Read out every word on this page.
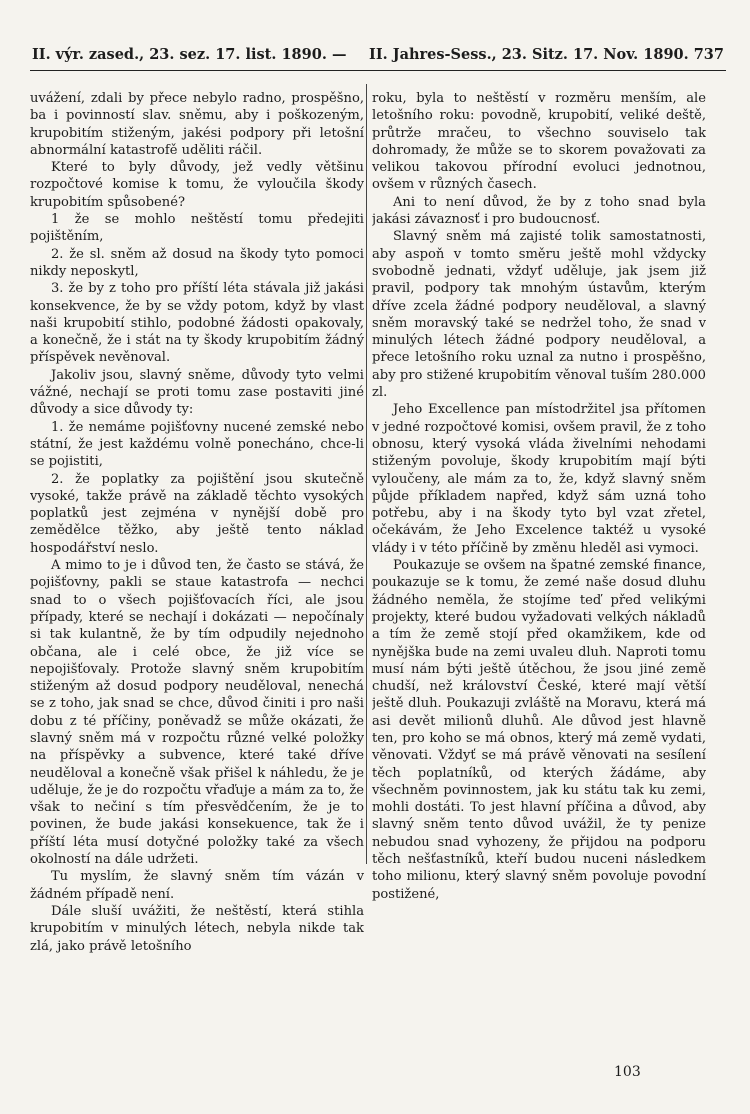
II. výr. zased., 23. sez. 17. list. 1890. — II. Jahres-Sess., 23. Sitz. 17. Nov. 1890. 737

uvážení, zdali by přece nebylo radno, prospěšno, ba i povinností slav. sněmu, aby i poškozeným, krupobitím stiženým, jakési podpory při letošní abnormální katastrofě uděliti ráčil.

Které to byly důvody, jež vedly většinu rozpočtové komise k tomu, že vyloučila škody krupobitím spůsobené?

1 že se mohlo neštěstí tomu předejiti pojištěním,

2. že sl. sněm až dosud na škody tyto pomoci nikdy neposkytl,

3. že by z toho pro příští léta stávala již jakási konsekvence, že by se vždy potom, když by vlast naši krupobití stihlo, podobné žádosti opakovaly, a konečně, že i stát na ty škody krupobitím žádný příspěvek nevěnoval.

Jakoliv jsou, slavný sněme, důvody tyto velmi vážné, nechají se proti tomu zase postaviti jiné důvody a sice důvody ty:

1. že nemáme pojišťovny nucené zemské nebo státní, že jest každému volně ponecháno, chce-li se pojistiti,

2. že poplatky za pojištění jsou skutečně vysoké, takže právě na základě těchto vysokých poplatků jest zejména v nynější době pro zemědělce těžko, aby ještě tento náklad hospodářství neslo.

A mimo to je i důvod ten, že často se stává, že pojišťovny, pakli se staue katastrofa — nechci snad to o všech pojišťovacích říci, ale jsou případy, které se nechají i dokázati — nepočínaly si tak kulantně, že by tím odpudily nejednoho občana, ale i celé obce, že již více se nepojišťovaly. Protože slavný sněm krupobitím stiženým až dosud podpory neuděloval, nenechá se z toho, jak snad se chce, důvod činiti i pro naši dobu z té příčiny, poněvadž se může okázati, že slavný sněm má v rozpočtu různé velké položky na příspěvky a subvence, které také dříve neuděloval a konečně však přišel k náhledu, že je uděluje, že je do rozpočtu vřaďuje a mám za to, že však to nečiní s tím přesvědčením, že je to povinen, že bude jakási konsekuence, tak že i příští léta musí dotyčné položky také za všech okolností na dále udržeti.

Tu myslím, že slavný sněm tím vázán v žádném případě není.

Dále sluší uvážiti, že neštěstí, která stihla krupobitím v minulých létech, nebyla nikde tak zlá, jako právě letošního

roku, byla to neštěstí v rozměru menším, ale letošního roku: povodně, krupobití, veliké deště, průtrže mračeu, to všechno souviselo tak dohromady, že může se to skorem považovati za velikou takovou přírodní evoluci jednotnou, ovšem v různých časech.

Ani to není důvod, že by z toho snad byla jakási závaznosť i pro budoucnosť.

Slavný sněm má zajisté tolik samostatnosti, aby aspoň v tomto směru ještě mohl vždycky svobodně jednati, vždyť uděluje, jak jsem již pravil, podpory tak mnohým ústavům, kterým dříve zcela žádné podpory neuděloval, a slavný sněm moravský také se nedržel toho, že snad v minulých létech žádné podpory neuděloval, a přece letošního roku uznal za nutno i prospěšno, aby pro stižené krupobitím věnoval tuším 280.000 zl.

Jeho Excellence pan místodržitel jsa přítomen v jedné rozpočtové komisi, ovšem pravil, že z toho obnosu, který vysoká vláda živelními nehodami stiženým povoluje, škody krupobitím mají býti vyloučeny, ale mám za to, že, když slavný sněm půjde příkladem napřed, když sám uzná toho potřebu, aby i na škody tyto byl vzat zřetel, očekávám, že Jeho Excelence taktéž u vysoké vlády i v této příčině by změnu hleděl asi vymoci.

Poukazuje se ovšem na špatné zemské finance, poukazuje se k tomu, že zemé naše dosud dluhu žádného neměla, že stojíme teď před velikými projekty, které budou vyžadovati velkých nákladů a tím že země stojí před okamžikem, kde od nynějška bude na zemi uvaleu dluh. Naproti tomu musí nám býti ještě útěchou, že jsou jiné země chudší, než království České, které mají větší ještě dluh. Poukazuji zvláště na Moravu, která má asi devět milionů dluhů. Ale důvod jest hlavně ten, pro koho se má obnos, který má země vydati, věnovati. Vždyť se má právě věnovati na sesílení těch poplatníků, od kterých žádáme, aby všechněm povinnostem, jak ku státu tak ku zemi, mohli dostáti. To jest hlavní příčina a důvod, aby slavný sněm tento důvod uvážil, že ty penize nebudou snad vyhozeny, že přijdou na podporu těch nešťastníků, kteří budou nuceni následkem toho milionu, který slavný sněm povoluje povodní postižené,

103
